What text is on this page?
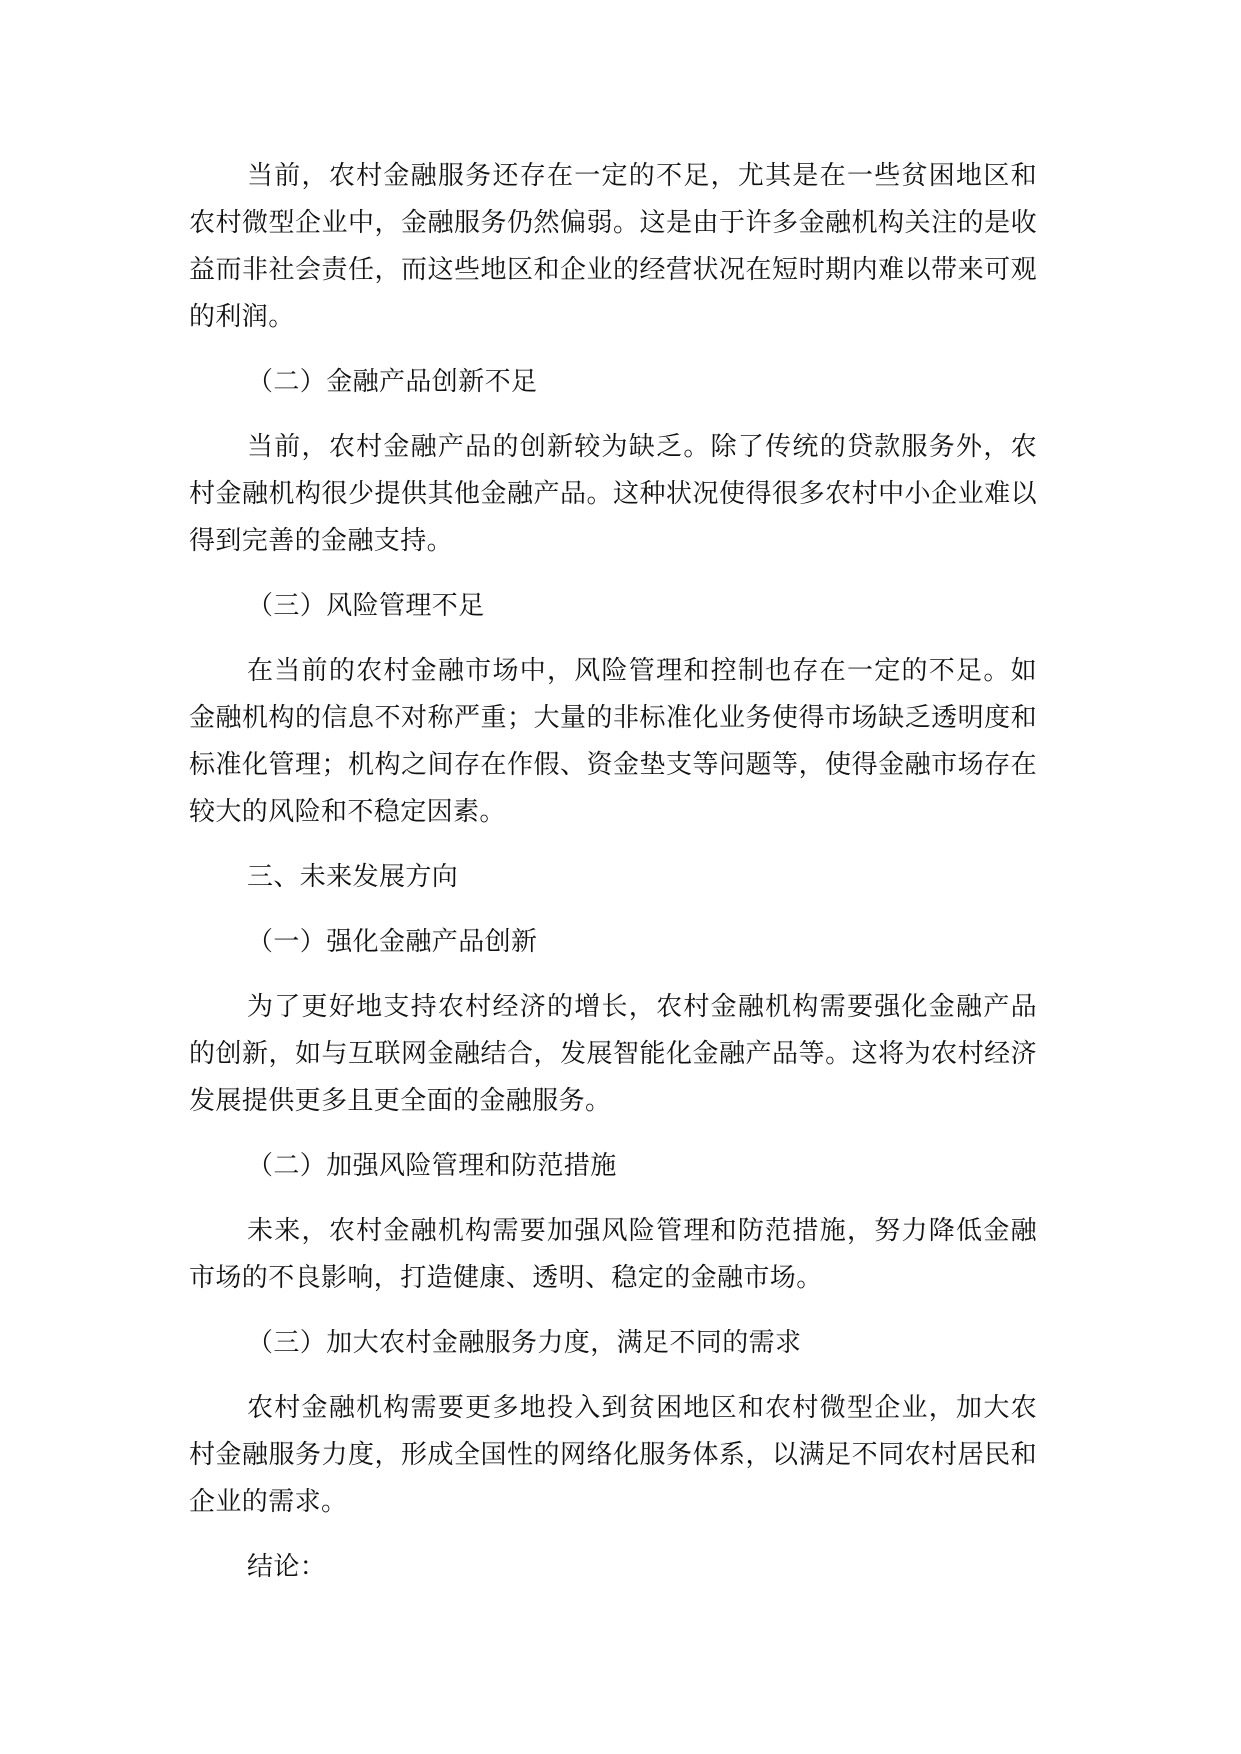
当前，农村金融服务还存在一定的不足，尤其是在一些贫困地区和农村微型企业中，金融服务仍然偏弱。这是由于许多金融机构关注的是收益而非社会责任，而这些地区和企业的经营状况在短时期内难以带来可观的利润。

（二）金融产品创新不足

当前，农村金融产品的创新较为缺乏。除了传统的贷款服务外，农村金融机构很少提供其他金融产品。这种状况使得很多农村中小企业难以得到完善的金融支持。

（三）风险管理不足

在当前的农村金融市场中，风险管理和控制也存在一定的不足。如金融机构的信息不对称严重；大量的非标准化业务使得市场缺乏透明度和标准化管理；机构之间存在作假、资金垫支等问题等，使得金融市场存在较大的风险和不稳定因素。

三、未来发展方向

（一）强化金融产品创新

为了更好地支持农村经济的增长，农村金融机构需要强化金融产品的创新，如与互联网金融结合，发展智能化金融产品等。这将为农村经济发展提供更多且更全面的金融服务。

（二）加强风险管理和防范措施

未来，农村金融机构需要加强风险管理和防范措施，努力降低金融市场的不良影响，打造健康、透明、稳定的金融市场。

（三）加大农村金融服务力度，满足不同的需求

农村金融机构需要更多地投入到贫困地区和农村微型企业，加大农村金融服务力度，形成全国性的网络化服务体系，以满足不同农村居民和企业的需求。

结论：
